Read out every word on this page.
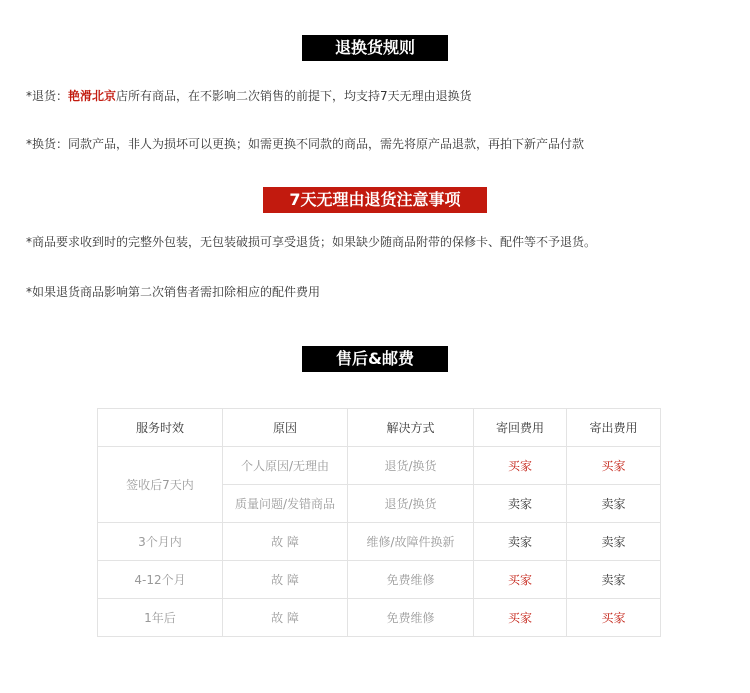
退换货规则
*退货：艳滑北京店所有商品，在不影响二次销售的前提下，均支持7天无理由退换货
*换货：同款产品，非人为损坏可以更换；如需更换不同款的商品，需先将原产品退款，再拍下新产品付款
7天无理由退货注意事项
*商品要求收到时的完整外包装，无包装破损可享受退货；如果缺少随商品附带的保修卡、配件等不予退货。
*如果退货商品影响第二次销售者需扣除相应的配件费用
售后&邮费
服务时效	原因	解决方式	寄回费用	寄出费用
签收后7天内	个人原因/无理由	退货/换货	买家	买家
	质量问题/发错商品	退货/换货	卖家	卖家
3个月内	故 障	维修/故障件换新	卖家	卖家
4-12个月	故 障	免费维修	买家	卖家
1年后	故 障	免费维修	买家	买家
